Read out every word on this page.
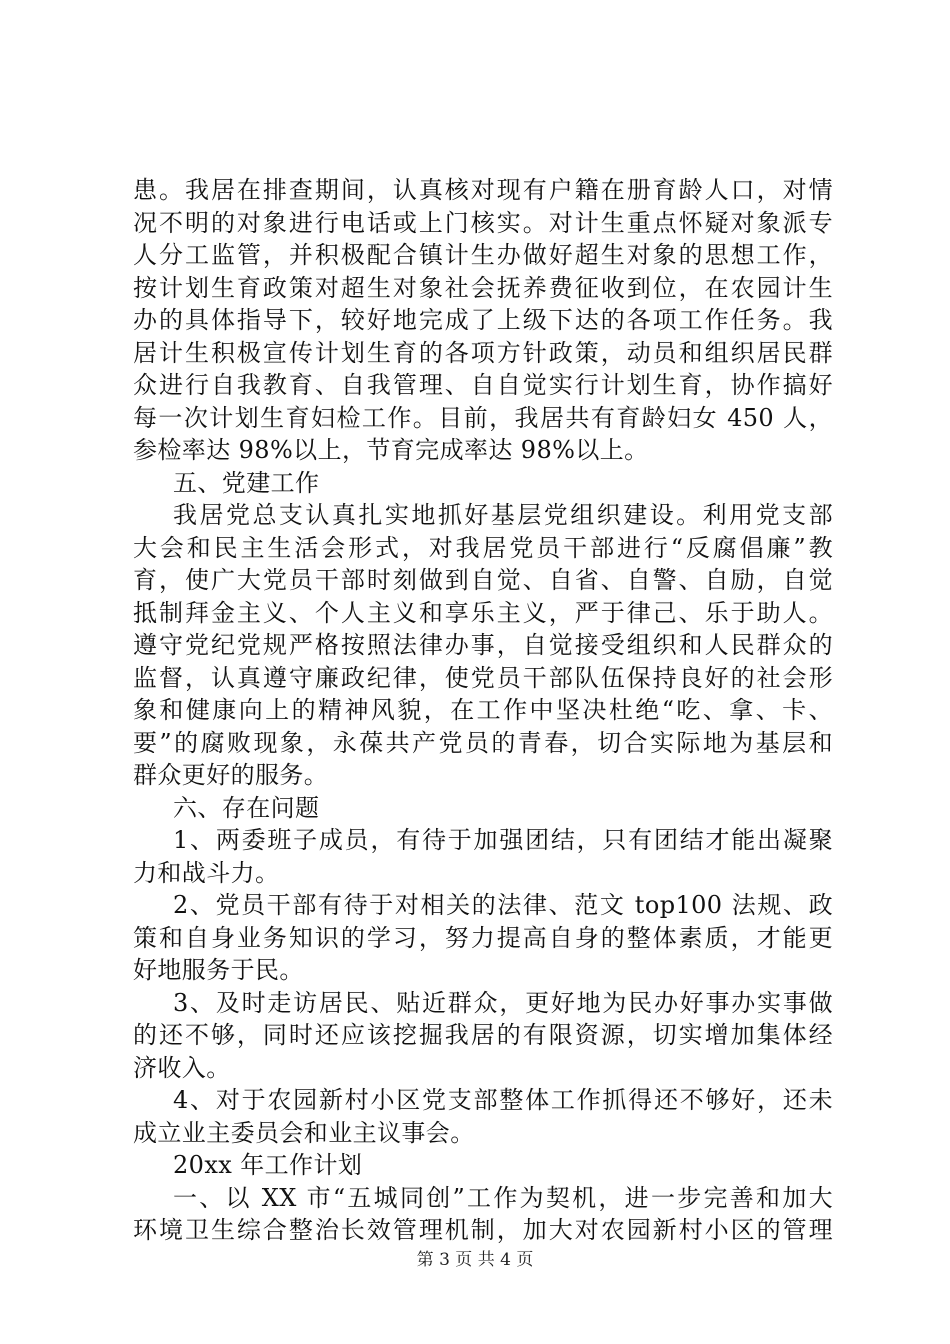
患。我居在排查期间，认真核对现有户籍在册育龄人口，对情
况不明的对象进行电话或上门核实。对计生重点怀疑对象派专
人分工监管，并积极配合镇计生办做好超生对象的思想工作，
按计划生育政策对超生对象社会抚养费征收到位，在农园计生
办的具体指导下，较好地完成了上级下达的各项工作任务。我
居计生积极宣传计划生育的各项方针政策，动员和组织居民群
众进行自我教育、自我管理、自自觉实行计划生育，协作搞好
每一次计划生育妇检工作。目前，我居共有育龄妇女 450 人，
参检率达 98%以上，节育完成率达 98%以上。
五、党建工作
我居党总支认真扎实地抓好基层党组织建设。利用党支部
大会和民主生活会形式，对我居党员干部进行“反腐倡廉”教
育，使广大党员干部时刻做到自觉、自省、自警、自励，自觉
抵制拜金主义、个人主义和享乐主义，严于律己、乐于助人。
遵守党纪党规严格按照法律办事，自觉接受组织和人民群众的
监督，认真遵守廉政纪律，使党员干部队伍保持良好的社会形
象和健康向上的精神风貌，在工作中坚决杜绝“吃、拿、卡、
要”的腐败现象，永葆共产党员的青春，切合实际地为基层和
群众更好的服务。
六、存在问题
1、两委班子成员，有待于加强团结，只有团结才能出凝聚
力和战斗力。
2、党员干部有待于对相关的法律、范文 top100 法规、政
策和自身业务知识的学习，努力提高自身的整体素质，才能更
好地服务于民。
3、及时走访居民、贴近群众，更好地为民办好事办实事做
的还不够，同时还应该挖掘我居的有限资源，切实增加集体经
济收入。
4、对于农园新村小区党支部整体工作抓得还不够好，还未
成立业主委员会和业主议事会。
20xx 年工作计划
一、以 XX 市“五城同创”工作为契机，进一步完善和加大
环境卫生综合整治长效管理机制，加大对农园新村小区的管理
第 3 页 共 4 页
